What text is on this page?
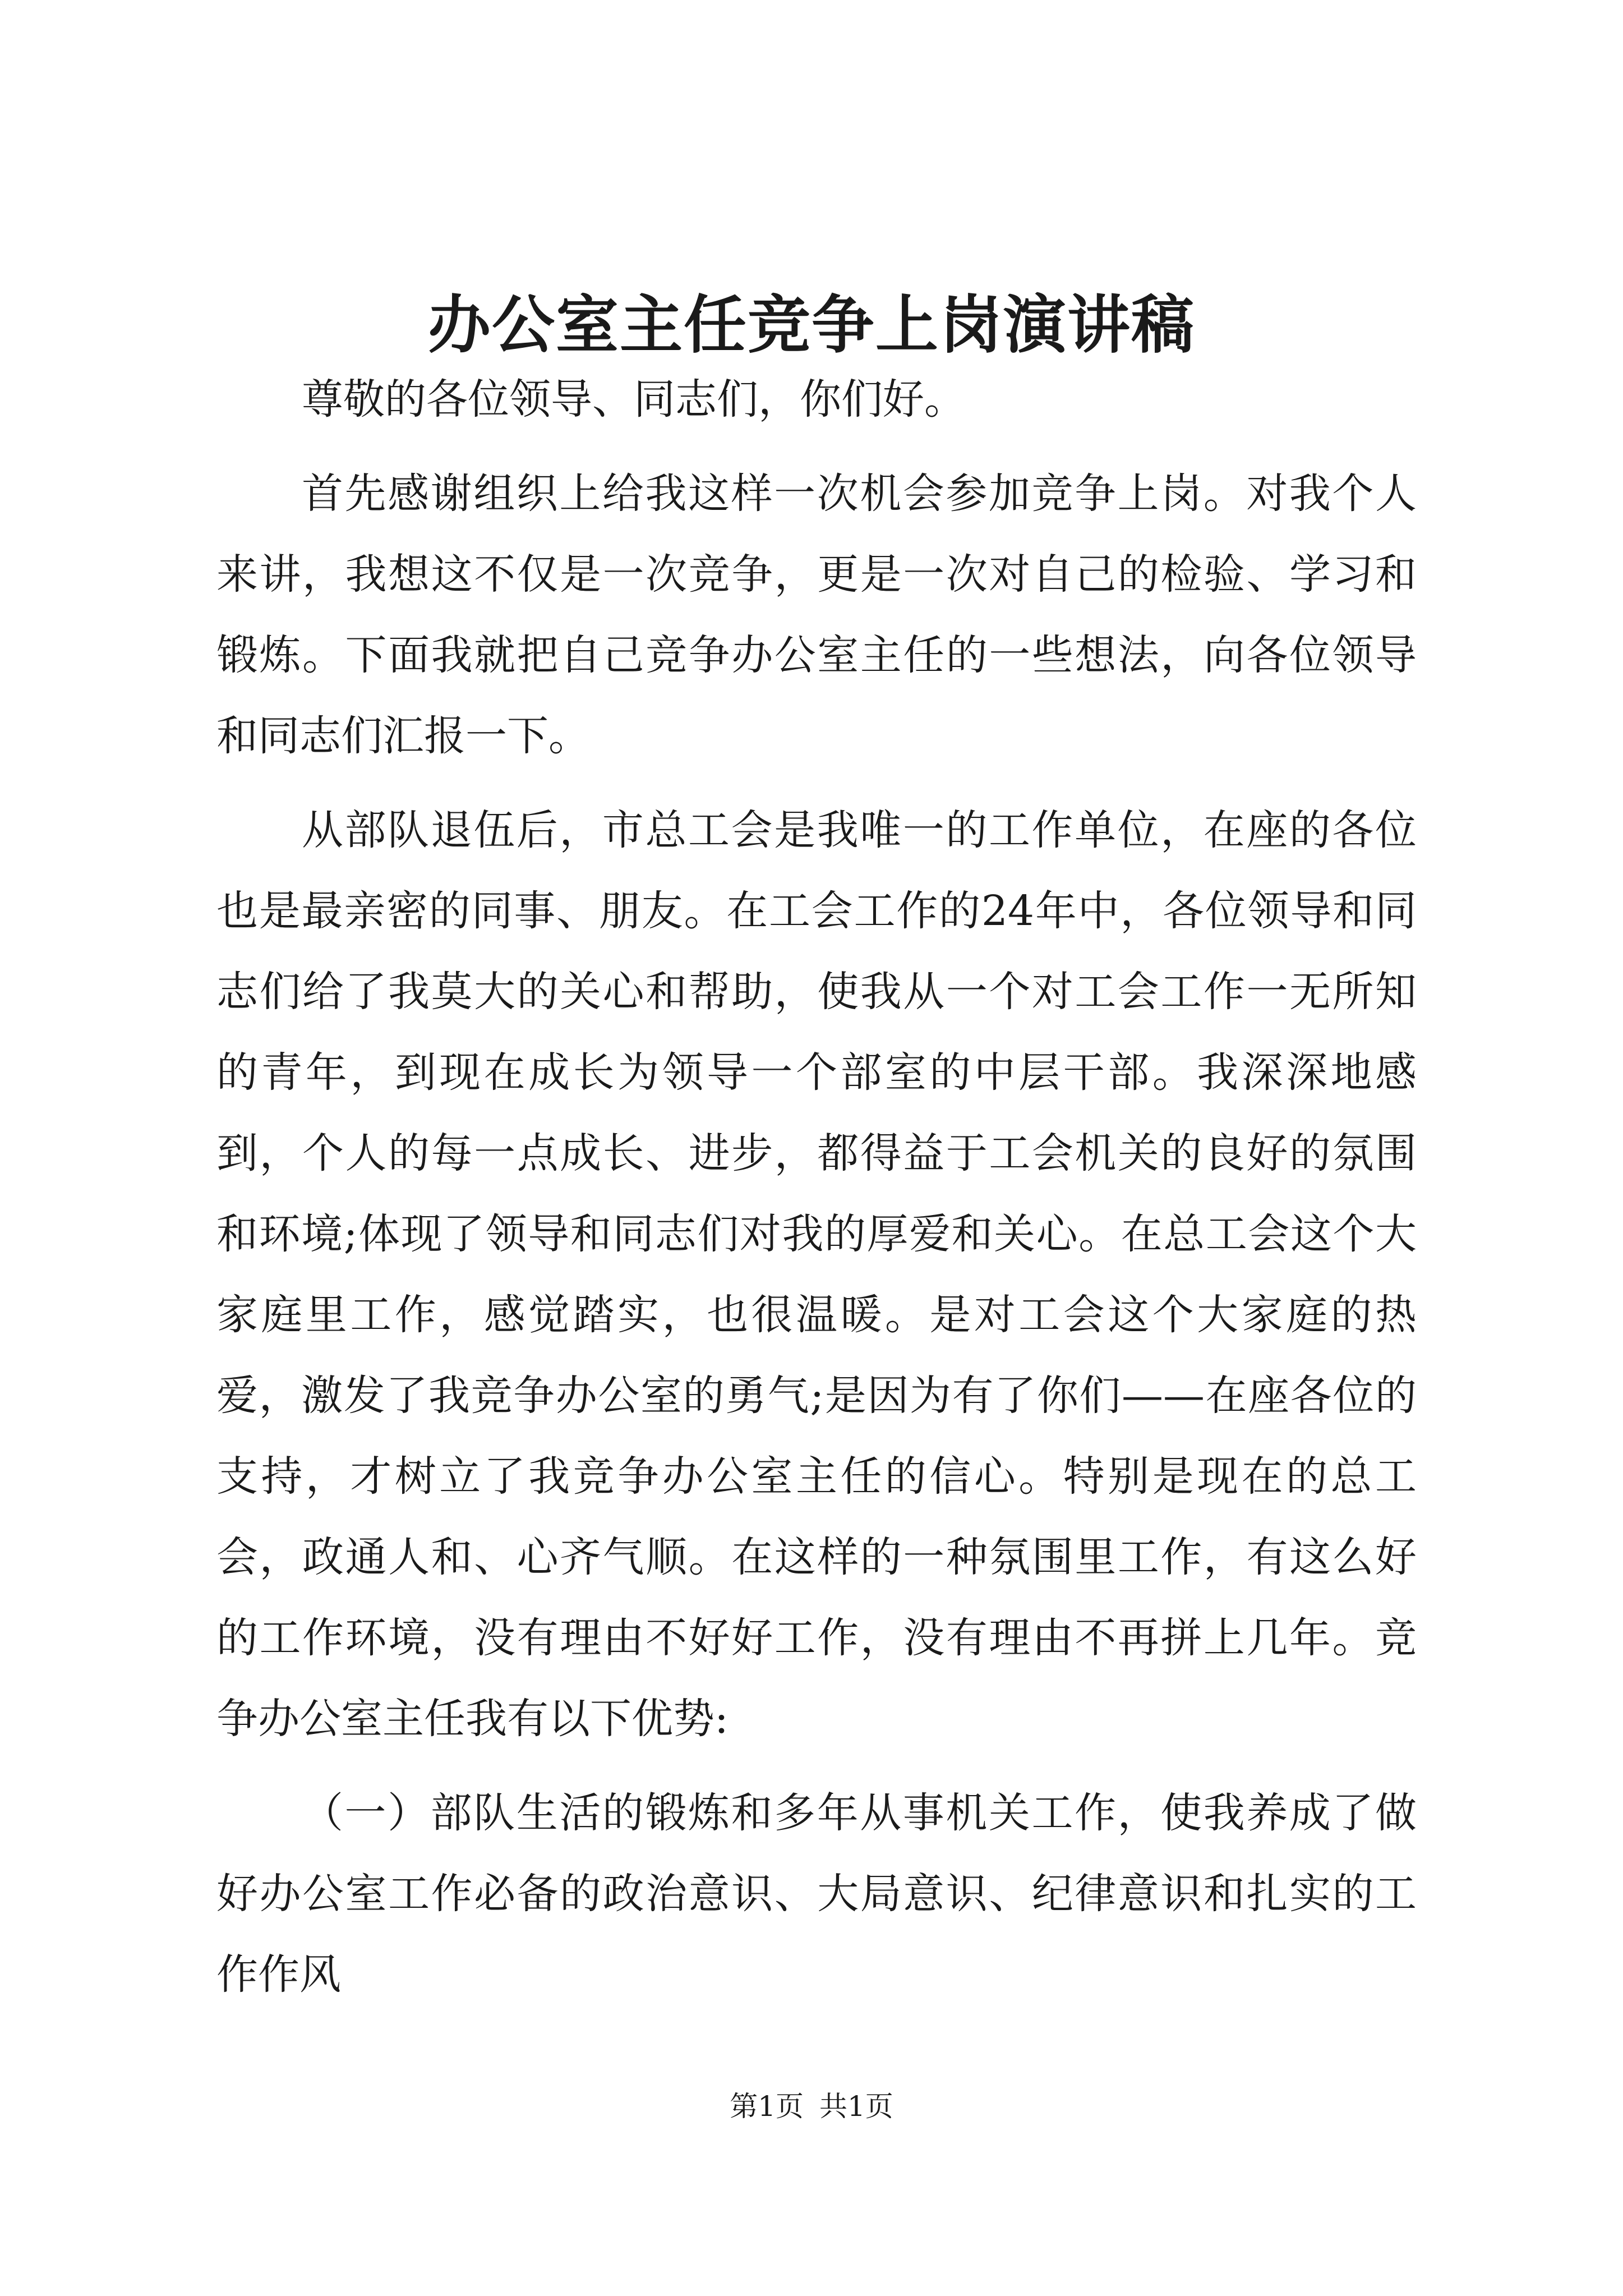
办公室主任竞争上岗演讲稿

尊敬的各位领导、同志们，你们好。

首先感谢组织上给我这样一次机会参加竞争上岗。对我个人来讲，我想这不仅是一次竞争，更是一次对自己的检验、学习和锻炼。下面我就把自己竞争办公室主任的一些想法，向各位领导和同志们汇报一下。

从部队退伍后，市总工会是我唯一的工作单位，在座的各位也是最亲密的同事、朋友。在工会工作的24年中，各位领导和同志们给了我莫大的关心和帮助，使我从一个对工会工作一无所知的青年，到现在成长为领导一个部室的中层干部。我深深地感到，个人的每一点成长、进步，都得益于工会机关的良好的氛围和环境;体现了领导和同志们对我的厚爱和关心。在总工会这个大家庭里工作，感觉踏实，也很温暖。是对工会这个大家庭的热爱，激发了我竞争办公室的勇气;是因为有了你们——在座各位的支持，才树立了我竞争办公室主任的信心。特别是现在的总工会，政通人和、心齐气顺。在这样的一种氛围里工作，有这么好的工作环境，没有理由不好好工作，没有理由不再拼上几年。竞争办公室主任我有以下优势:

（一）部队生活的锻炼和多年从事机关工作，使我养成了做好办公室工作必备的政治意识、大局意识、纪律意识和扎实的工作作风

第1页 共1页
